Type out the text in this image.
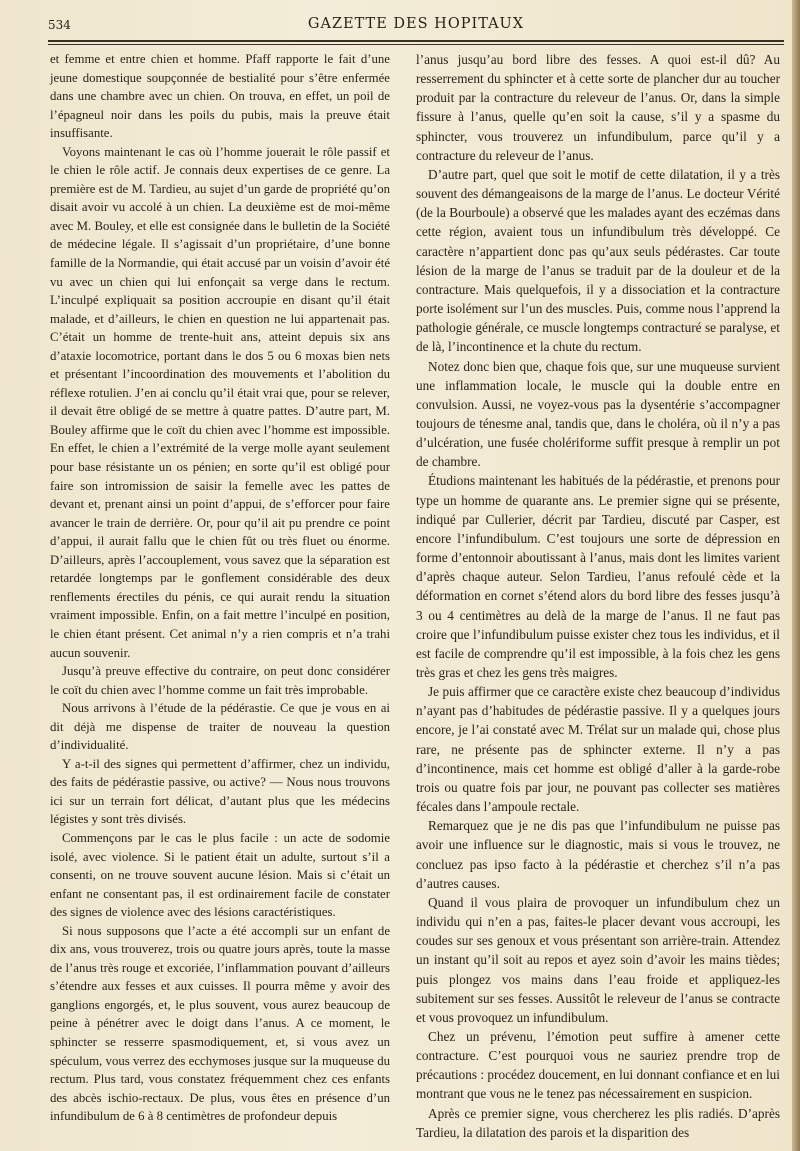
534	GAZETTE DES HOPITAUX

et femme et entre chien et homme. Pfaff rapporte le fait d’une jeune domestique soupçonnée de bestialité pour s’être enfermée dans une chambre avec un chien. On trouva, en effet, un poil de l’épagneul noir dans les poils du pubis, mais la preuve était insuffisante.

Voyons maintenant le cas où l’homme jouerait le rôle passif et le chien le rôle actif. Je connais deux expertises de ce genre. La première est de M. Tardieu, au sujet d’un garde de propriété qu’on disait avoir vu accolé à un chien. La deuxième est de moi-même avec M. Bouley, et elle est consignée dans le bulletin de la Société de médecine légale. Il s’agissait d’un propriétaire, d’une bonne famille de la Normandie, qui était accusé par un voisin d’avoir été vu avec un chien qui lui enfonçait sa verge dans le rectum. L’inculpé expliquait sa position accroupie en disant qu’il était malade, et d’ailleurs, le chien en question ne lui appartenait pas. C’était un homme de trente-huit ans, atteint depuis six ans d’ataxie locomotrice, portant dans le dos 5 ou 6 moxas bien nets et présentant l’incoordination des mouvements et l’abolition du réflexe rotulien. J’en ai conclu qu’il était vrai que, pour se relever, il devait être obligé de se mettre à quatre pattes. D’autre part, M. Bouley affirme que le coït du chien avec l’homme est impossible. En effet, le chien a l’extrémité de la verge molle ayant seulement pour base résistante un os pénien; en sorte qu’il est obligé pour faire son intromission de saisir la femelle avec les pattes de devant et, prenant ainsi un point d’appui, de s’efforcer pour faire avancer le train de derrière. Or, pour qu’il ait pu prendre ce point d’appui, il aurait fallu que le chien fût ou très fluet ou énorme. D’ailleurs, après l’accouplement, vous savez que la séparation est retardée longtemps par le gonflement considérable des deux renflements érectiles du pénis, ce qui aurait rendu la situation vraiment impossible. Enfin, on a fait mettre l’inculpé en position, le chien étant présent. Cet animal n’y a rien compris et n’a trahi aucun souvenir.

Jusqu’à preuve effective du contraire, on peut donc considérer le coït du chien avec l’homme comme un fait très improbable.

Nous arrivons à l’étude de la pédérastie. Ce que je vous en ai dit déjà me dispense de traiter de nouveau la question d’individualité.

Y a-t-il des signes qui permettent d’affirmer, chez un individu, des faits de pédérastie passive, ou active? — Nous nous trouvons ici sur un terrain fort délicat, d’autant plus que les médecins légistes y sont très divisés.

Commençons par le cas le plus facile : un acte de sodomie isolé, avec violence. Si le patient était un adulte, surtout s’il a consenti, on ne trouve souvent aucune lésion. Mais si c’était un enfant ne consentant pas, il est ordinairement facile de constater des signes de violence avec des lésions caractéristiques.

Si nous supposons que l’acte a été accompli sur un enfant de dix ans, vous trouverez, trois ou quatre jours après, toute la masse de l’anus très rouge et excoriée, l’inflammation pouvant d’ailleurs s’étendre aux fesses et aux cuisses. Il pourra même y avoir des ganglions engorgés, et, le plus souvent, vous aurez beaucoup de peine à pénétrer avec le doigt dans l’anus. A ce moment, le sphincter se resserre spasmodiquement, et, si vous avez un spéculum, vous verrez des ecchymoses jusque sur la muqueuse du rectum. Plus tard, vous constatez fréquemment chez ces enfants des abcès ischio-rectaux. De plus, vous êtes en présence d’un infundibulum de 6 à 8 centimètres de profondeur depuis

l’anus jusqu’au bord libre des fesses. A quoi est-il dû? Au resserrement du sphincter et à cette sorte de plancher dur au toucher produit par la contracture du releveur de l’anus. Or, dans la simple fissure à l’anus, quelle qu’en soit la cause, s’il y a spasme du sphincter, vous trouverez un infundibulum, parce qu’il y a contracture du releveur de l’anus.

D’autre part, quel que soit le motif de cette dilatation, il y a très souvent des démangeaisons de la marge de l’anus. Le docteur Vérité (de la Bourboule) a observé que les malades ayant des eczémas dans cette région, avaient tous un infundibulum très développé. Ce caractère n’appartient donc pas qu’aux seuls pédérastes. Car toute lésion de la marge de l’anus se traduit par de la douleur et de la contracture. Mais quelquefois, il y a dissociation et la contracture porte isolément sur l’un des muscles. Puis, comme nous l’apprend la pathologie générale, ce muscle longtemps contracturé se paralyse, et de là, l’incontinence et la chute du rectum.

Notez donc bien que, chaque fois que, sur une muqueuse survient une inflammation locale, le muscle qui la double entre en convulsion. Aussi, ne voyez-vous pas la dysentérie s’accompagner toujours de ténesme anal, tandis que, dans le choléra, où il n’y a pas d’ulcération, une fusée cholériforme suffit presque à remplir un pot de chambre.

Étudions maintenant les habitués de la pédérastie, et prenons pour type un homme de quarante ans. Le premier signe qui se présente, indiqué par Cullerier, décrit par Tardieu, discuté par Casper, est encore l’infundibulum. C’est toujours une sorte de dépression en forme d’entonnoir aboutissant à l’anus, mais dont les limites varient d’après chaque auteur. Selon Tardieu, l’anus refoulé cède et la déformation en cornet s’étend alors du bord libre des fesses jusqu’à 3 ou 4 centimètres au delà de la marge de l’anus. Il ne faut pas croire que l’infundibulum puisse exister chez tous les individus, et il est facile de comprendre qu’il est impossible, à la fois chez les gens très gras et chez les gens très maigres.

Je puis affirmer que ce caractère existe chez beaucoup d’individus n’ayant pas d’habitudes de pédérastie passive. Il y a quelques jours encore, je l’ai constaté avec M. Trélat sur un malade qui, chose plus rare, ne présente pas de sphincter externe. Il n’y a pas d’incontinence, mais cet homme est obligé d’aller à la garde-robe trois ou quatre fois par jour, ne pouvant pas collecter ses matières fécales dans l’ampoule rectale.

Remarquez que je ne dis pas que l’infundibulum ne puisse pas avoir une influence sur le diagnostic, mais si vous le trouvez, ne concluez pas ipso facto à la pédérastie et cherchez s’il n’a pas d’autres causes.

Quand il vous plaira de provoquer un infundibulum chez un individu qui n’en a pas, faites-le placer devant vous accroupi, les coudes sur ses genoux et vous présentant son arrière-train. Attendez un instant qu’il soit au repos et ayez soin d’avoir les mains tièdes; puis plongez vos mains dans l’eau froide et appliquez-les subitement sur ses fesses. Aussitôt le releveur de l’anus se contracte et vous provoquez un infundibulum.

Chez un prévenu, l’émotion peut suffire à amener cette contracture. C’est pourquoi vous ne sauriez prendre trop de précautions : procédez doucement, en lui donnant confiance et en lui montrant que vous ne le tenez pas nécessairement en suspicion.

Après ce premier signe, vous chercherez les plis radiés. D’après Tardieu, la dilatation des parois et la disparition des
